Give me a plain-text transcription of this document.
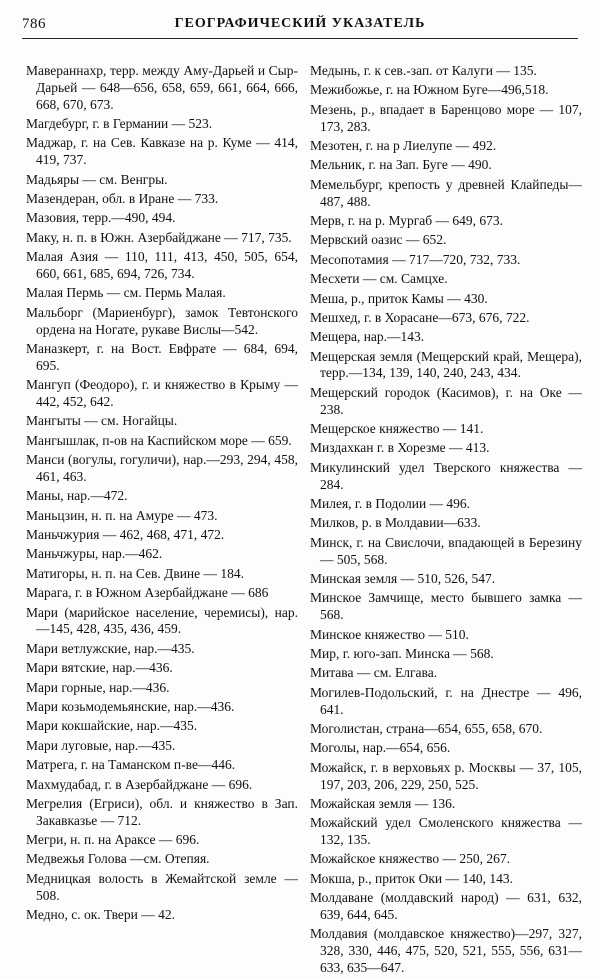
786	ГЕОГРАФИЧЕСКИЙ УКАЗАТЕЛЬ

Мавераннахр, терр. между Аму-Дарьей и Сыр-Дарьей — 648—656, 658, 659, 661, 664, 666, 668, 670, 673.

Магдебург, г. в Германии — 523.

Маджар, г. на Сев. Кавказе на р. Куме — 414, 419, 737.

Мадьяры — см. Венгры.

Мазендеран, обл. в Иране — 733.

Мазовия, терр.—490, 494.

Маку, н. п. в Южн. Азербайджане — 717, 735.

Малая Азия — 110, 111, 413, 450, 505, 654, 660, 661, 685, 694, 726, 734.

Малая Пермь — см. Пермь Малая.

Мальборг (Мариенбург), замок Тевтонского ордена на Ногате, рукаве Вислы—542.

Маназкерт, г. на Вост. Евфрате — 684, 694, 695.

Мангуп (Феодоро), г. и княжество в Крыму —442, 452, 642.

Мангыты — см. Ногайцы.

Мангышлак, п-ов на Каспийском море — 659.

Манси (вогулы, гогуличи), нар.—293, 294, 458, 461, 463.

Маны, нар.—472.

Маньцзин, н. п. на Амуре — 473.

Маньчжурия — 462, 468, 471, 472.

Маньчжуры, нар.—462.

Матигоры, н. п. на Сев. Двине — 184.

Марага, г. в Южном Азербайджане — 686

Мари (марийское население, черемисы), нар.—145, 428, 435, 436, 459.

Мари ветлужские, нар.—435.

Мари вятские, нар.—436.

Мари горные, нар.—436.

Мари козьмодемьянские, нар.—436.

Мари кокшайские, нар.—435.

Мари луговые, нар.—435.

Матрега, г. на Таманском п-ве—446.

Махмудабад, г. в Азербайджане — 696.

Мегрелия (Егриси), обл. и княжество в Зап. Закавказье — 712.

Мегри, н. п. на Араксе — 696.

Медвежья Голова —см. Отепяя.

Медницкая волость в Жемайтской земле — 508.

Медно, с. ок. Твери — 42.

Медынь, г. к сев.-зап. от Калуги — 135.

Межибожье, г. на Южном Буге—496,518.

Мезень, р., впадает в Баренцово море — 107, 173, 283.

Мезотен, г. на р Лиелупе — 492.

Мельник, г. на Зап. Буге — 490.

Мемельбург, крепость у древней Клайпеды—487, 488.

Мерв, г. на р. Мургаб — 649, 673.

Мервский оазис — 652.

Месопотамия — 717—720, 732, 733.

Месхети — см. Самцхе.

Меша, р., приток Камы — 430.

Мешхед, г. в Хорасане—673, 676, 722.

Мещера, нар.—143.

Мещерская земля (Мещерский край, Мещера), терр.—134, 139, 140, 240, 243, 434.

Мещерский городок (Касимов), г. на Оке — 238.

Мещерское княжество — 141.

Миздахкан г. в Хорезме — 413.

Микулинский удел Тверского княжества — 284.

Милея, г. в Подолии — 496.

Милков, р. в Молдавии—633.

Минск, г. на Свислочи, впадающей в Березину — 505, 568.

Минская земля — 510, 526, 547.

Минское Замчище, место бывшего замка — 568.

Минское княжество — 510.

Мир, г. юго-зап. Минска — 568.

Митава — см. Елгава.

Могилев-Подольский, г. на Днестре — 496, 641.

Моголистан, страна—654, 655, 658, 670.

Моголы, нар.—654, 656.

Можайск, г. в верховьях р. Москвы — 37, 105, 197, 203, 206, 229, 250, 525.

Можайская земля — 136.

Можайский удел Смоленского княжества — 132, 135.

Можайское княжество — 250, 267.

Мокша, р., приток Оки — 140, 143.

Молдаване (молдавский народ) — 631, 632, 639, 644, 645.

Молдавия (молдавское княжество)—297, 327, 328, 330, 446, 475, 520, 521, 555, 556, 631—633, 635—647.
